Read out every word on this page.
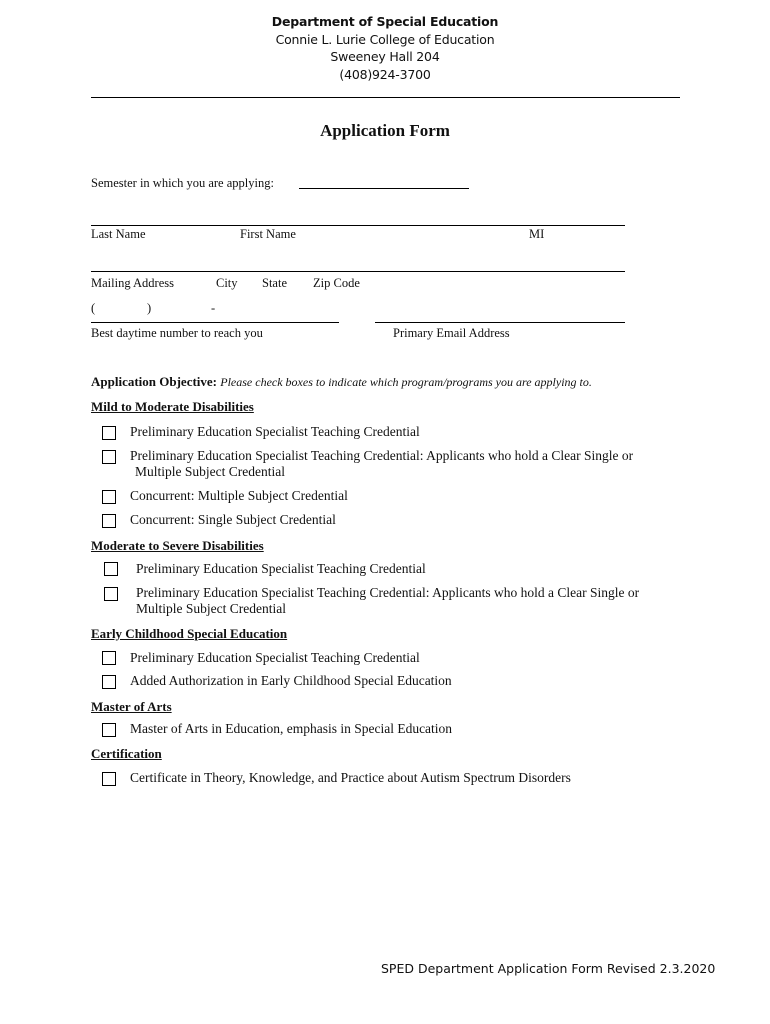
Department of Special Education
Connie L. Lurie College of Education
Sweeney Hall 204
(408)924-3700
Application Form
Semester in which you are applying:
Last Name	First Name	MI
Mailing Address	City State Zip Code
(	)	-
Best daytime number to reach you	Primary Email Address
Application Objective: Please check boxes to indicate which program/programs you are applying to.
Mild to Moderate Disabilities
Preliminary Education Specialist Teaching Credential
Preliminary Education Specialist Teaching Credential: Applicants who hold a Clear Single or
Multiple Subject Credential
Concurrent: Multiple Subject Credential
Concurrent: Single Subject Credential
Moderate to Severe Disabilities
Preliminary Education Specialist Teaching Credential
Preliminary Education Specialist Teaching Credential: Applicants who hold a Clear Single or
Multiple Subject Credential
Early Childhood Special Education
Preliminary Education Specialist Teaching Credential
Added Authorization in Early Childhood Special Education
Master of Arts
Master of Arts in Education, emphasis in Special Education
Certification
Certificate in Theory, Knowledge, and Practice about Autism Spectrum Disorders
SPED Department Application Form Revised 2.3.2020
